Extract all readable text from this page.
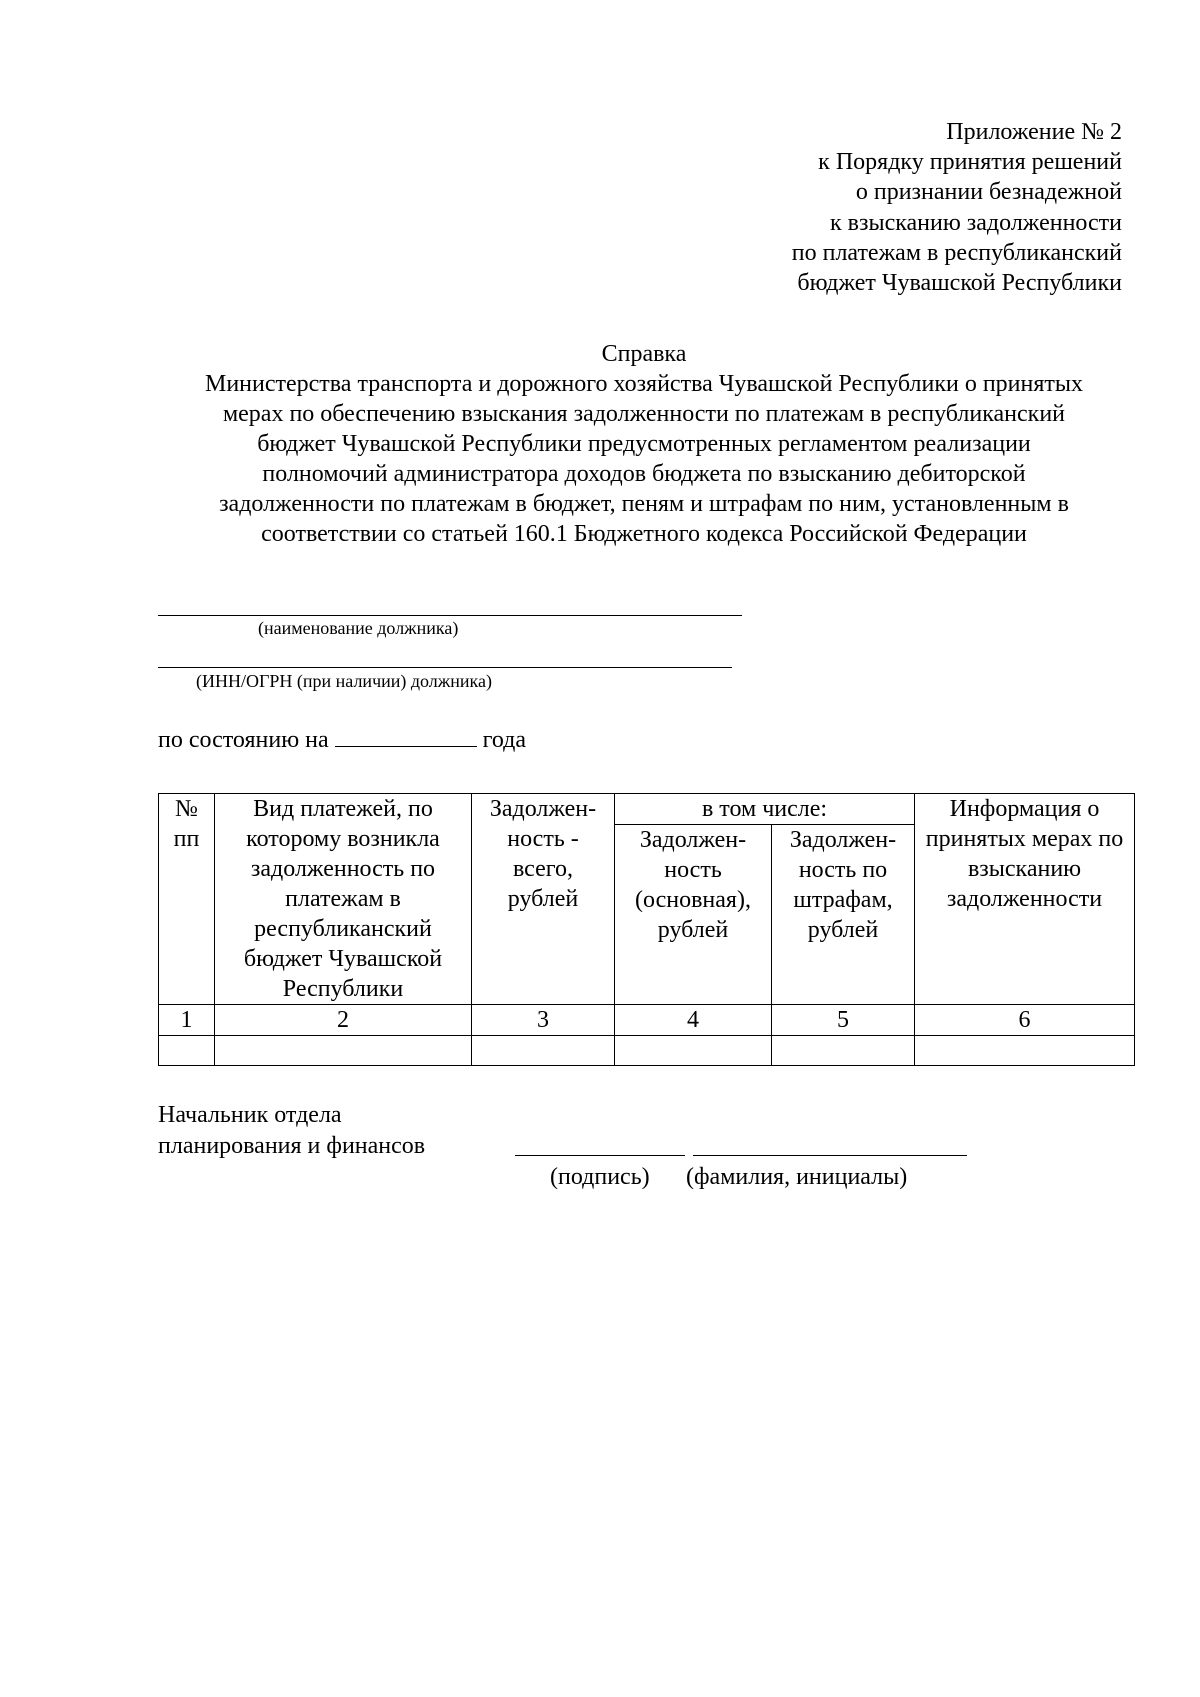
Приложение № 2
к Порядку принятия решений
о признании безнадежной
к взысканию задолженности
по платежам в республиканский
бюджет Чувашской Республики
Справка
Министерства транспорта и дорожного хозяйства Чувашской Республики о принятых
мерах по обеспечению взыскания задолженности по платежам в республиканский
бюджет Чувашской Республики предусмотренных регламентом реализации
полномочий администратора доходов бюджета по взысканию дебиторской
задолженности по платежам в бюджет, пеням и штрафам по ним, установленным в
соответствии со статьей 160.1 Бюджетного кодекса Российской Федерации
(наименование должника)
(ИНН/ОГРН (при наличии) должника)
по состоянию на	года
№ пп	Вид платежей, по которому возникла задолженность по платежам в республиканский бюджет Чувашской Республики	Задолжен-ность - всего, рублей	в том числе:		Информация о принятых мерах по взысканию задолженности
			Задолжен-ность (основная), рублей	Задолжен-ность по штрафам, рублей	
1	2	3	4	5	6

Начальник отдела
планирования и финансов
(подпись) (фамилия, инициалы)
